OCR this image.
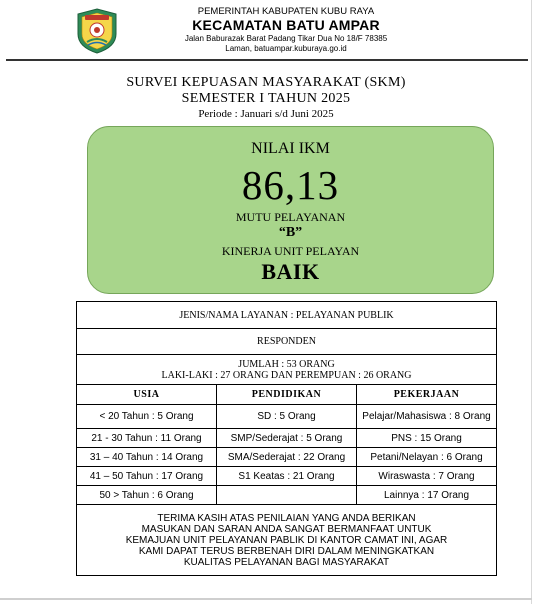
PEMERINTAH KABUPATEN KUBU RAYA
KECAMATAN BATU AMPAR
Jalan Baburazak Barat Padang Tikar Dua No 18/F 78385
Laman, batuampar.kuburaya.go.id
SURVEI KEPUASAN MASYARAKAT (SKM)
SEMESTER I TAHUN 2025
Periode : Januari s/d Juni 2025
NILAI IKM
86,13
MUTU PELAYANAN
“B”
KINERJA UNIT PELAYAN
BAIK
JENIS/NAMA LAYANAN : PELAYANAN PUBLIK		
RESPONDEN		

JUMLAH : 53 ORANG
LAKI-LAKI : 27 ORANG DAN PEREMPUAN : 26 ORANG		

USIA	PENDIDIKAN	PEKERJAAN
< 20 Tahun : 5 Orang	SD : 5 Orang	Pelajar/Mahasiswa : 8 Orang
21 - 30 Tahun : 11 Orang	SMP/Sederajat : 5 Orang	PNS : 15 Orang
31 – 40 Tahun : 14 Orang	SMA/Sederajat : 22 Orang	Petani/Nelayan : 6 Orang
41 – 50 Tahun : 17 Orang	S1 Keatas : 21 Orang	Wiraswasta : 7 Orang
50 > Tahun : 6 Orang		Lainnya : 17 Orang

TERIMA KASIH ATAS PENILAIAN YANG ANDA BERIKAN
MASUKAN DAN SARAN ANDA SANGAT BERMANFAAT UNTUK
KEMAJUAN UNIT PELAYANAN PABLIK DI KANTOR CAMAT INI, AGAR
KAMI DAPAT TERUS BERBENAH DIRI DALAM MENINGKATKAN
KUALITAS PELAYANAN BAGI MASYARAKAT		
